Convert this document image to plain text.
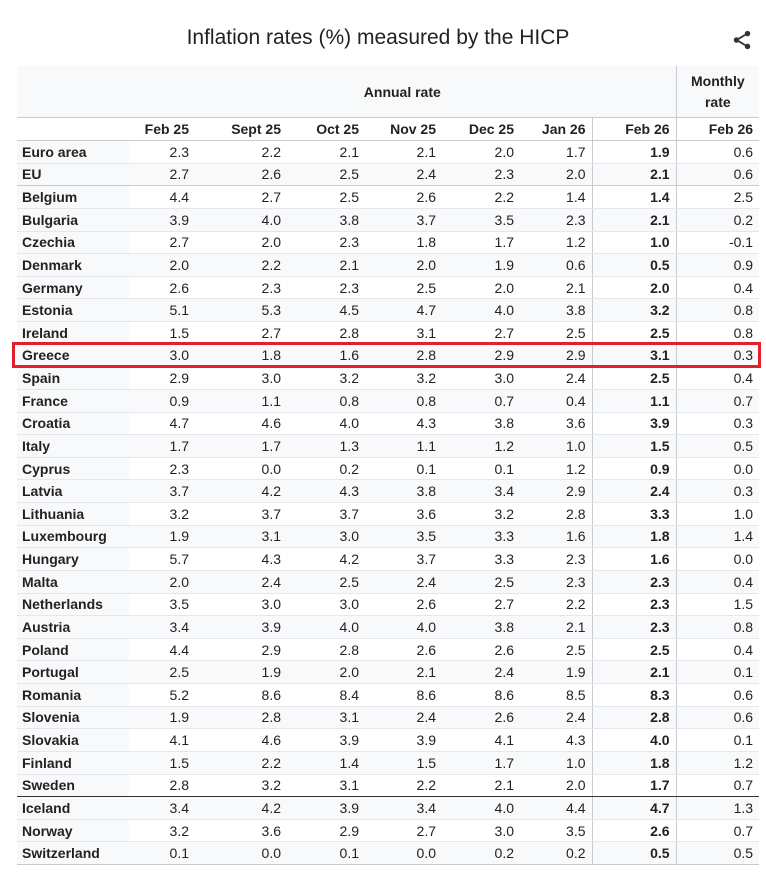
Inflation rates (%) measured by the HICP
	Annual rate							Monthly rate
	Feb 25	Sept 25	Oct 25	Nov 25	Dec 25	Jan 26	Feb 26	Feb 26
Euro area	2.3	2.2	2.1	2.1	2.0	1.7	1.9	0.6
EU	2.7	2.6	2.5	2.4	2.3	2.0	2.1	0.6
Belgium	4.4	2.7	2.5	2.6	2.2	1.4	1.4	2.5
Bulgaria	3.9	4.0	3.8	3.7	3.5	2.3	2.1	0.2
Czechia	2.7	2.0	2.3	1.8	1.7	1.2	1.0	-0.1
Denmark	2.0	2.2	2.1	2.0	1.9	0.6	0.5	0.9
Germany	2.6	2.3	2.3	2.5	2.0	2.1	2.0	0.4
Estonia	5.1	5.3	4.5	4.7	4.0	3.8	3.2	0.8
Ireland	1.5	2.7	2.8	3.1	2.7	2.5	2.5	0.8
Greece	3.0	1.8	1.6	2.8	2.9	2.9	3.1	0.3
Spain	2.9	3.0	3.2	3.2	3.0	2.4	2.5	0.4
France	0.9	1.1	0.8	0.8	0.7	0.4	1.1	0.7
Croatia	4.7	4.6	4.0	4.3	3.8	3.6	3.9	0.3
Italy	1.7	1.7	1.3	1.1	1.2	1.0	1.5	0.5
Cyprus	2.3	0.0	0.2	0.1	0.1	1.2	0.9	0.0
Latvia	3.7	4.2	4.3	3.8	3.4	2.9	2.4	0.3
Lithuania	3.2	3.7	3.7	3.6	3.2	2.8	3.3	1.0
Luxembourg	1.9	3.1	3.0	3.5	3.3	1.6	1.8	1.4
Hungary	5.7	4.3	4.2	3.7	3.3	2.3	1.6	0.0
Malta	2.0	2.4	2.5	2.4	2.5	2.3	2.3	0.4
Netherlands	3.5	3.0	3.0	2.6	2.7	2.2	2.3	1.5
Austria	3.4	3.9	4.0	4.0	3.8	2.1	2.3	0.8
Poland	4.4	2.9	2.8	2.6	2.6	2.5	2.5	0.4
Portugal	2.5	1.9	2.0	2.1	2.4	1.9	2.1	0.1
Romania	5.2	8.6	8.4	8.6	8.6	8.5	8.3	0.6
Slovenia	1.9	2.8	3.1	2.4	2.6	2.4	2.8	0.6
Slovakia	4.1	4.6	3.9	3.9	4.1	4.3	4.0	0.1
Finland	1.5	2.2	1.4	1.5	1.7	1.0	1.8	1.2
Sweden	2.8	3.2	3.1	2.2	2.1	2.0	1.7	0.7
Iceland	3.4	4.2	3.9	3.4	4.0	4.4	4.7	1.3
Norway	3.2	3.6	2.9	2.7	3.0	3.5	2.6	0.7
Switzerland	0.1	0.0	0.1	0.0	0.2	0.2	0.5	0.5
